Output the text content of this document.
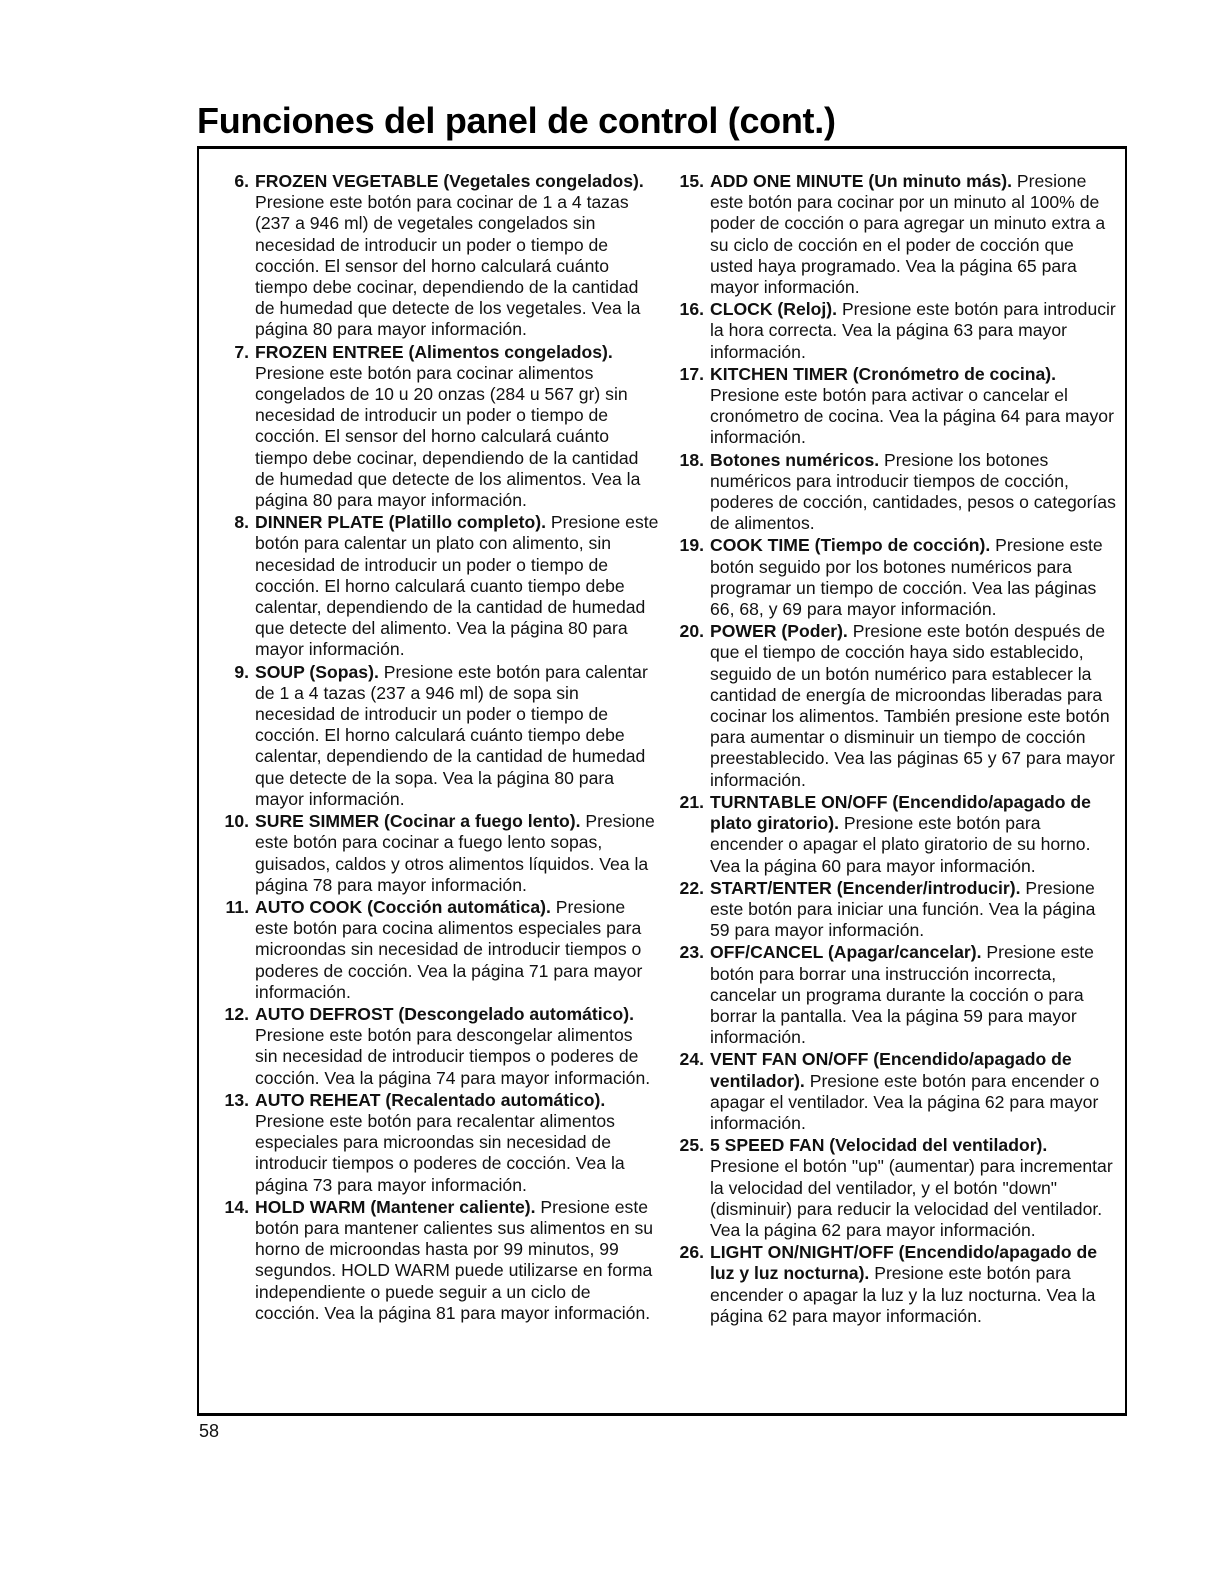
Funciones del panel de control (cont.)
6. FROZEN VEGETABLE (Vegetales congelados). Presione este botón para cocinar de 1 a 4 tazas (237 a 946 ml) de vegetales congelados sin necesidad de introducir un poder o tiempo de cocción. El sensor del horno calculará cuánto tiempo debe cocinar, dependiendo de la cantidad de humedad que detecte de los vegetales. Vea la página 80 para mayor información.
7. FROZEN ENTREE (Alimentos congelados). Presione este botón para cocinar alimentos congelados de 10 u 20 onzas (284 u 567 gr) sin necesidad de introducir un poder o tiempo de cocción. El sensor del horno calculará cuánto tiempo debe cocinar, dependiendo de la cantidad de humedad que detecte de los alimentos. Vea la página 80 para mayor información.
8. DINNER PLATE (Platillo completo). Presione este botón para calentar un plato con alimento, sin necesidad de introducir un poder o tiempo de cocción. El horno calculará cuanto tiempo debe calentar, dependiendo de la cantidad de humedad que detecte del alimento. Vea la página 80 para mayor información.
9. SOUP (Sopas). Presione este botón para calentar de 1 a 4 tazas (237 a 946 ml) de sopa sin necesidad de introducir un poder o tiempo de cocción. El horno calculará cuánto tiempo debe calentar, dependiendo de la cantidad de humedad que detecte de la sopa. Vea la página 80 para mayor información.
10. SURE SIMMER (Cocinar a fuego lento). Presione este botón para cocinar a fuego lento sopas, guisados, caldos y otros alimentos líquidos. Vea la página 78 para mayor información.
11. AUTO COOK (Cocción automática). Presione este botón para cocina alimentos especiales para microondas sin necesidad de introducir tiempos o poderes de cocción. Vea la página 71 para mayor información.
12. AUTO DEFROST (Descongelado automático). Presione este botón para descongelar alimentos sin necesidad de introducir tiempos o poderes de cocción. Vea la página 74 para mayor información.
13. AUTO REHEAT (Recalentado automático). Presione este botón para recalentar alimentos especiales para microondas sin necesidad de introducir tiempos o poderes de cocción. Vea la página 73 para mayor información.
14. HOLD WARM (Mantener caliente). Presione este botón para mantener calientes sus alimentos en su horno de microondas hasta por 99 minutos, 99 segundos. HOLD WARM puede utilizarse en forma independiente o puede seguir a un ciclo de cocción. Vea la página 81 para mayor información.
15. ADD ONE MINUTE (Un minuto más). Presione este botón para cocinar por un minuto al 100% de poder de cocción o para agregar un minuto extra a su ciclo de cocción en el poder de cocción que usted haya programado. Vea la página 65 para mayor información.
16. CLOCK (Reloj). Presione este botón para introducir la hora correcta. Vea la página 63 para mayor información.
17. KITCHEN TIMER (Cronómetro de cocina). Presione este botón para activar o cancelar el cronómetro de cocina. Vea la página 64 para mayor información.
18. Botones numéricos. Presione los botones numéricos para introducir tiempos de cocción, poderes de cocción, cantidades, pesos o categorías de alimentos.
19. COOK TIME (Tiempo de cocción). Presione este botón seguido por los botones numéricos para programar un tiempo de cocción. Vea las páginas 66, 68, y 69 para mayor información.
20. POWER (Poder). Presione este botón después de que el tiempo de cocción haya sido establecido, seguido de un botón numérico para establecer la cantidad de energía de microondas liberadas para cocinar los alimentos. También presione este botón para aumentar o disminuir un tiempo de cocción preestablecido. Vea las páginas 65 y 67 para mayor información.
21. TURNTABLE ON/OFF (Encendido/apagado de plato giratorio). Presione este botón para encender o apagar el plato giratorio de su horno. Vea la página 60 para mayor información.
22. START/ENTER (Encender/introducir). Presione este botón para iniciar una función. Vea la página 59 para mayor información.
23. OFF/CANCEL (Apagar/cancelar). Presione este botón para borrar una instrucción incorrecta, cancelar un programa durante la cocción o para borrar la pantalla. Vea la página 59 para mayor información.
24. VENT FAN ON/OFF (Encendido/apagado de ventilador). Presione este botón para encender o apagar el ventilador. Vea la página 62 para mayor información.
25. 5 SPEED FAN (Velocidad del ventilador). Presione el botón "up" (aumentar) para incrementar la velocidad del ventilador, y el botón "down" (disminuir) para reducir la velocidad del ventilador. Vea la página 62 para mayor información.
26. LIGHT ON/NIGHT/OFF (Encendido/apagado de luz y luz nocturna). Presione este botón para encender o apagar la luz y la luz nocturna. Vea la página 62 para mayor información.
58
